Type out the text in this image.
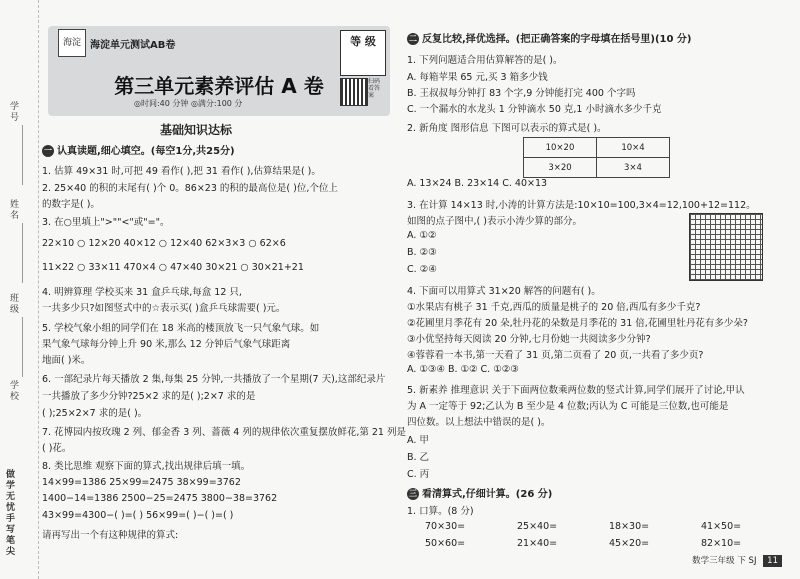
学号
姓名
班级
学校
做学无忧 手写笔尖
海淀 海淀单元测试AB卷
第三单元素养评估 A 卷
◎时间:40 分钟 ◎满分:100 分
等 级
扫码看答案
基础知识达标
一 认真读题,细心填空。(每空1分,共25分)
1. 估算 49×31 时,可把 49 看作( ),把 31 看作( ),估算结果是( )。
2. 25×40 的积的末尾有( )个 0。86×23 的积的最高位是( )位,个位上
的数字是( )。
3. 在○里填上">""<"或"="。
22×10 ○ 12×20 40×12 ○ 12×40 62×3×3 ○ 62×6
11×22 ○ 33×11 470×4 ○ 47×40 30×21 ○ 30×21+21
4. 明辨算理 学校买来 31 盒乒乓球,每盒 12 只,
一共多少只?如图竖式中的☆表示买( )盒乒乓球需要( )元。
5. 学校气象小组的同学们在 18 米高的楼顶放飞一只气象气球。如
果气象气球每分钟上升 90 米,那么 12 分钟后气象气球距离
地面( )米。
6. 一部纪录片每天播放 2 集,每集 25 分钟,一共播放了一个星期(7 天),这部纪录片
一共播放了多少分钟?25×2 求的是( );2×7 求的是
( );25×2×7 求的是( )。
7. 花博园内按玫瑰 2 列、郁金香 3 列、蔷薇 4 列的规律依次重复摆放鲜花,第 21 列是
( )花。
8. 类比思维 观察下面的算式,找出规律后填一填。
14×99=1386 25×99=2475 38×99=3762
1400−14=1386 2500−25=2475 3800−38=3762
43×99=4300−( )=( ) 56×99=( )−( )=( )
请再写出一个有这种规律的算式:
二 反复比较,择优选择。(把正确答案的字母填在括号里)(10 分)
1. 下列问题适合用估算解答的是( )。
A. 每箱苹果 65 元,买 3 箱多少钱
B. 王叔叔每分钟打 83 个字,9 分钟能打完 400 个字吗
C. 一个漏水的水龙头 1 分钟滴水 50 克,1 小时滴水多少千克
2. 新角度 图形信息 下图可以表示的算式是( )。
10×20	10×4
3×20	3×4
A. 13×24 B. 23×14 C. 40×13
3. 在计算 14×13 时,小涛的计算方法是:10×10=100,3×4=12,100+12=112。
如图的点子图中,( )表示小涛少算的部分。
A. ①②
B. ②③
C. ②④
4. 下面可以用算式 31×20 解答的问题有( )。
①水果店有桃子 31 千克,西瓜的质量是桃子的 20 倍,西瓜有多少千克?
②花圃里月季花有 20 朵,牡丹花的朵数是月季花的 31 倍,花圃里牡丹花有多少朵?
③小优坚持每天阅读 20 分钟,七月份她一共阅读多少分钟?
④蓉蓉看一本书,第一天看了 31 页,第二页看了 20 页,一共看了多少页?
A. ①③④ B. ①② C. ①②③
5. 新素养 推理意识 关于下面两位数乘两位数的竖式计算,同学们展开了讨论,甲认
为 A 一定等于 92;乙认为 B 至少是 4 位数;丙认为 C 可能是三位数,也可能是
四位数。以上想法中错误的是( )。
A. 甲
B. 乙
C. 丙
三 看清算式,仔细计算。(26 分)
1. 口算。(8 分)
70×30=	25×40=	18×30=	41×50=
50×60=	21×40=	45×20=	82×10=
数学三年级 下 SJ 11
